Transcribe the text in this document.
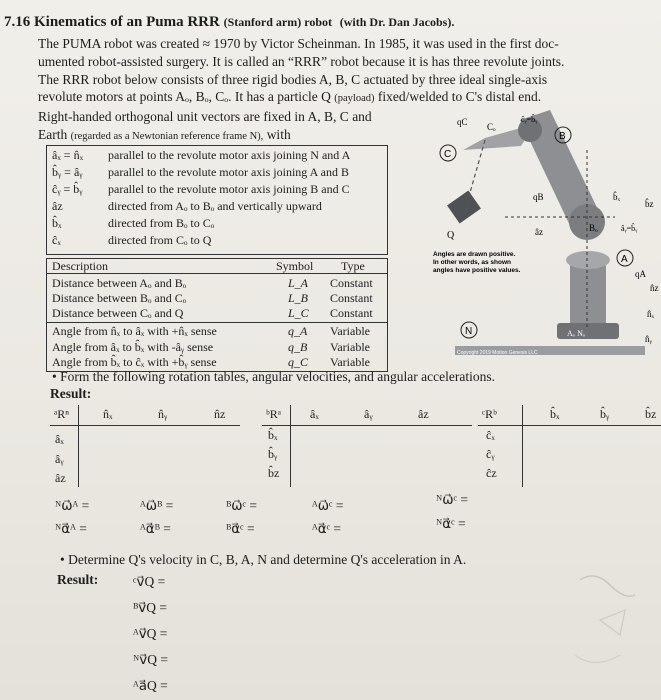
7.16 Kinematics of an Puma RRR (Stanford arm) robot (with Dr. Dan Jacobs).
The PUMA robot was created ≈ 1970 by Victor Scheinman. In 1985, it was used in the first doc-
umented robot-assisted surgery. It is called an “RRR” robot because it is has three revolute joints.
The RRR robot below consists of three rigid bodies A, B, C actuated by three ideal single-axis
revolute motors at points Aₒ, Bₒ, Cₒ. It has a particle Q (payload) fixed/welded to C's distal end.
Right-handed orthogonal unit vectors are fixed in A, B, C and
Earth (regarded as a Newtonian reference frame N), with
âₓ = n̂ₓ parallel to the revolute motor axis joining N and A
b̂ᵧ = âᵧ parallel to the revolute motor axis joining A and B
ĉᵧ = b̂ᵧ parallel to the revolute motor axis joining B and C
âz	directed from Aₒ to Bₒ and vertically upward
b̂ₓ	directed from Bₒ to Cₒ
ĉₓ	directed from Cₒ to Q
Description	Symbol Type
Distance between Aₒ and Bₒ	L_A Constant
Distance between Bₒ and Cₒ	L_B Constant
Distance between Cₒ and Q	L_C Constant
Angle from n̂ₓ to âₓ with +n̂ₓ sense	q_A Variable
Angle from âₓ to b̂ₓ with -âᵧ sense	q_B Variable
Angle from b̂ₓ to ĉₓ with +b̂ᵧ sense	q_C Variable
B
C
A
N
qC
qB
qA
Q
Bₒ
Cₒ
Aₒ Nₒ
ĉᵧ=b̂ᵧ
b̂ₓ
b̂z
âz	âᵧ=b̂ᵧ
n̂z
n̂ₓ
n̂ᵧ
Angles are drawn positive.
In other words, as shown
angles have positive values.
Copyright 2019 Motion Genesis LLC
• Form the following rotation tables, angular velocities, and angular accelerations.
Result:
ᵃRⁿ	n̂ₓ	n̂ᵧ	n̂z
âₓ
âᵧ
âz
ᵇRᵃ âₓ	âᵧ	âz
b̂ₓ
b̂ᵧ
b̂z
ᶜRᵇ	b̂ₓ	b̂ᵧ	b̂z
ĉₓ
ĉᵧ
ĉz
ᴺω⃗ᴬ =	ᴬω⃗ᴮ =	ᴮω⃗ᶜ =	ᴬω⃗ᶜ =	ᴺω⃗ᶜ =
ᴺα⃗ᴬ =	ᴬα⃗ᴮ =	ᴮα⃗ᶜ =	ᴬα⃗ᶜ =	ᴺα⃗ᶜ =
• Determine Q's velocity in C, B, A, N and determine Q's acceleration in A.
Result:	ᶜv⃗Q =
ᴮv⃗Q =
ᴬv⃗Q =
ᴺv⃗Q =
ᴬa⃗Q =
